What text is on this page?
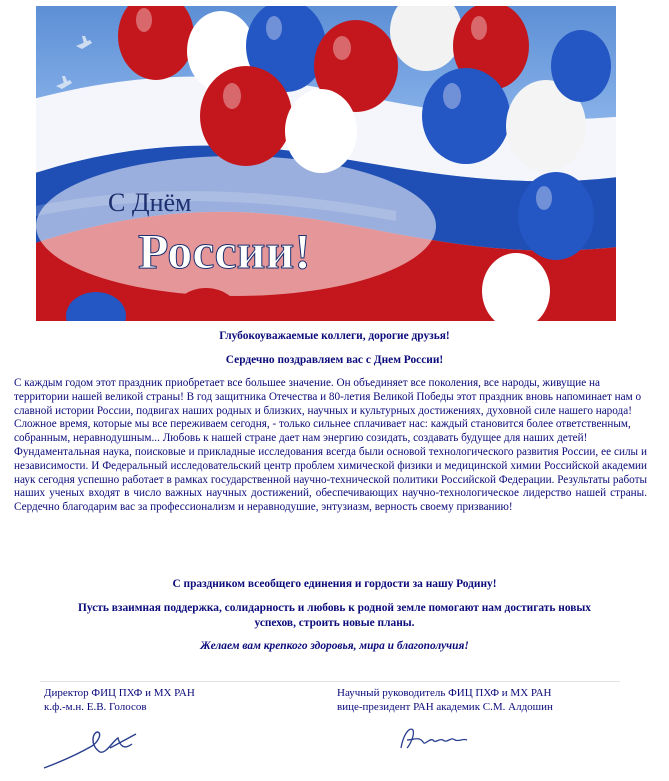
С Днём
России!
Глубокоуважаемые коллеги, дорогие друзья!
Сердечно поздравляем вас с Днем России!

С каждым годом этот праздник приобретает все большее значение. Он объединяет все поколения, все народы, живущие на территории нашей великой страны! В год защитника Отечества и 80-летия Великой Победы этот праздник вновь напоминает нам о славной истории России, подвигах наших родных и близких, научных и культурных достижениях, духовной силе нашего народа!

Сложное время, которые мы все переживаем сегодня, - только сильнее сплачивает нас: каждый становится более ответственным, собранным, неравнодушным... Любовь к нашей стране дает нам энергию созидать, создавать будущее для наших детей!

Фундаментальная наука, поисковые и прикладные исследования всегда были основой технологического развития России, ее силы и независимости. И Федеральный исследовательский центр проблем химической физики и медицинской химии Российской академии наук сегодня успешно работает в рамках государственной научно-технической политики Российской Федерации. Результаты работы наших ученых входят в число важных научных достижений, обеспечивающих научно-технологическое лидерство нашей страны. Сердечно благодарим вас за профессионализм и неравнодушие, энтузиазм, верность своему призванию!

С праздником всеобщего единения и гордости за нашу Родину!
Пусть взаимная поддержка, солидарность и любовь к родной земле помогают нам достигать новых успехов, строить новые планы.
Желаем вам крепкого здоровья, мира и благополучия!
Директор ФИЦ ПХФ и МХ РАН
к.ф.-м.н. Е.В. Голосов
Научный руководитель ФИЦ ПХФ и МХ РАН
вице-президент РАН академик С.М. Алдошин
